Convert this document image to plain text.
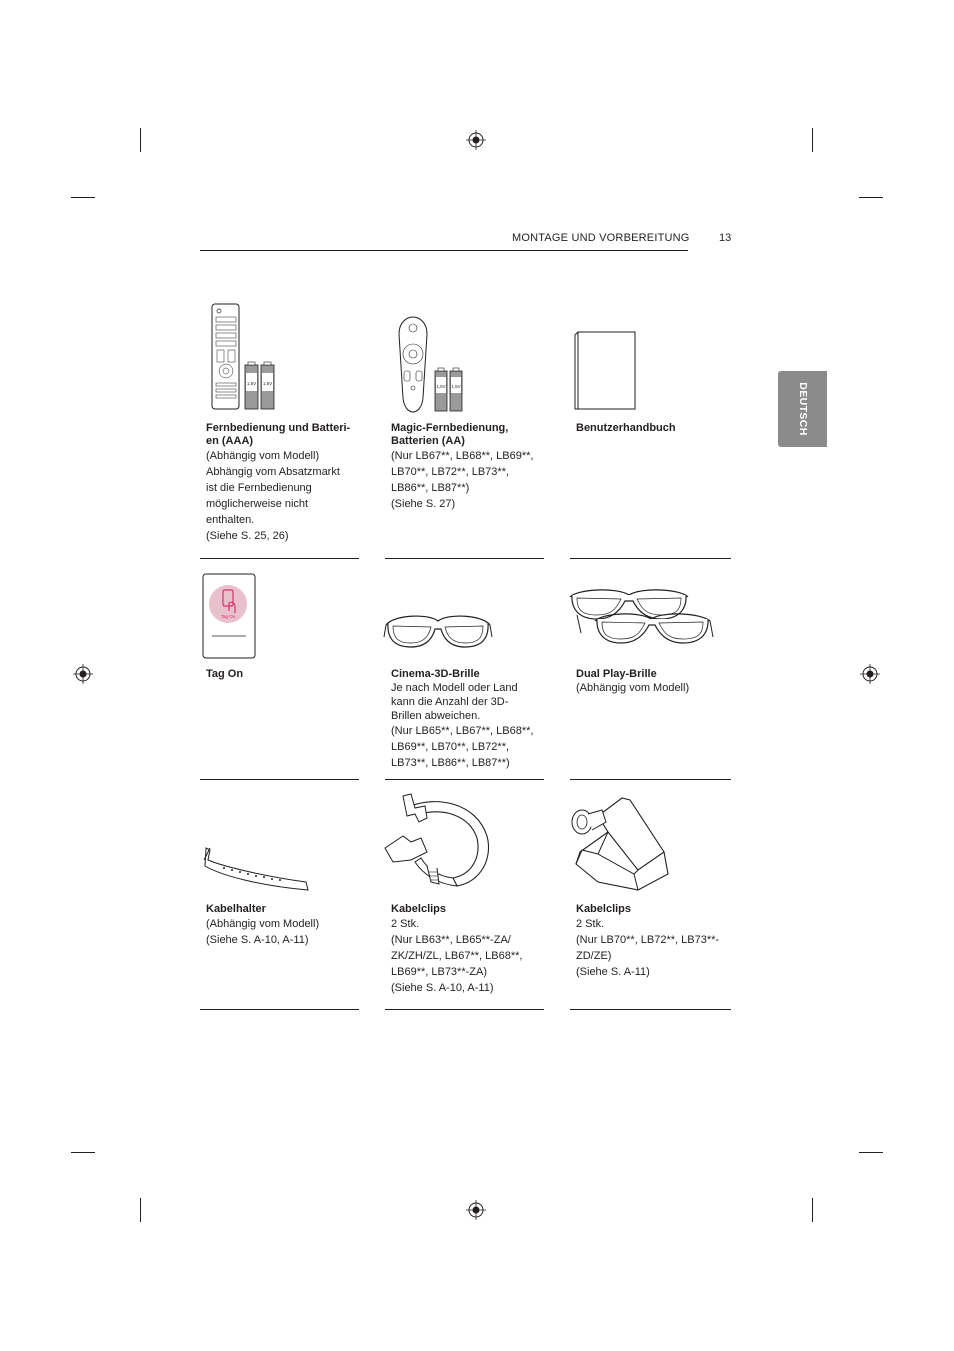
MONTAGE UND VORBEREITUNG	13
DEUTSCH
1,5V 1,5V
Fernbedienung und Batteri-
en (AAA)
(Abhängig vom Modell)
Abhängig vom Absatzmarkt
ist die Fernbedienung
möglicherweise nicht
enthalten.
(Siehe S. 25, 26)
1,5V 1,5V
Magic-Fernbedienung,
Batterien (AA)
(Nur LB67**, LB68**, LB69**,
LB70**, LB72**, LB73**,
LB86**, LB87**)
(Siehe S. 27)
Benutzerhandbuch
Tag On
Tag On	Cinema-3D-Brille
Je nach Modell oder Land
kann die Anzahl der 3D-
Brillen abweichen.
(Nur LB65**, LB67**, LB68**,
LB69**, LB70**, LB72**,
LB73**, LB86**, LB87**)
Dual Play-Brille
(Abhängig vom Modell)
Kabelhalter
(Abhängig vom Modell)
(Siehe S. A-10, A-11)
Kabelclips
2 Stk.
(Nur LB63**, LB65**-ZA/
ZK/ZH/ZL, LB67**, LB68**,
LB69**, LB73**-ZA)
(Siehe S. A-10, A-11)
Kabelclips
2 Stk.
(Nur LB70**, LB72**, LB73**-
ZD/ZE)
(Siehe S. A-11)
